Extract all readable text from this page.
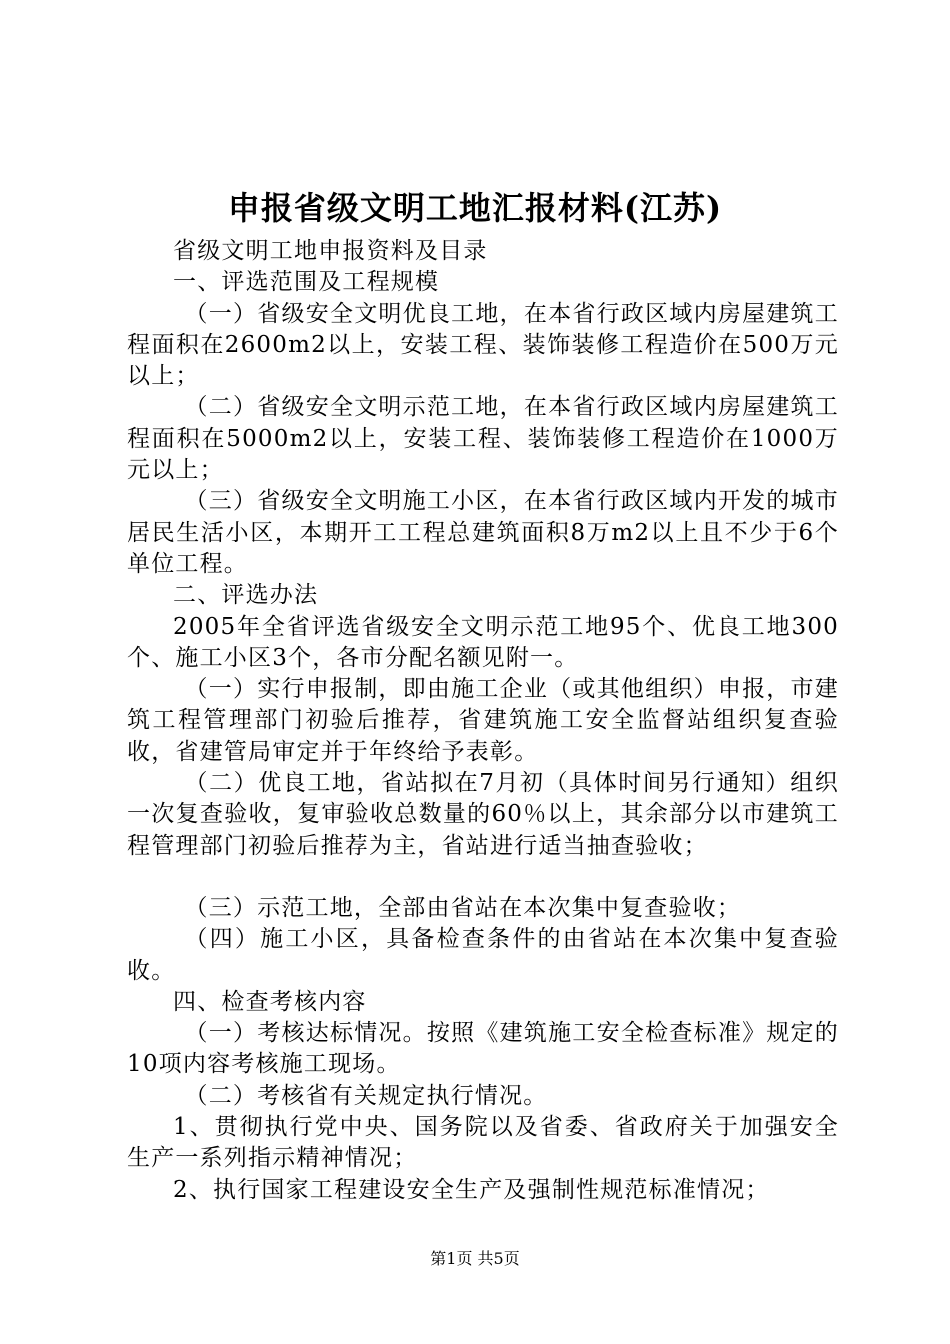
申报省级文明工地汇报材料(江苏)

省级文明工地申报资料及目录

一、评选范围及工程规模

（一）省级安全文明优良工地，在本省行政区域内房屋建筑工程面积在2600m2以上，安装工程、装饰装修工程造价在500万元以上；

（二）省级安全文明示范工地，在本省行政区域内房屋建筑工程面积在5000m2以上，安装工程、装饰装修工程造价在1000万元以上；

（三）省级安全文明施工小区，在本省行政区域内开发的城市居民生活小区，本期开工工程总建筑面积8万m2以上且不少于6个单位工程。

二、评选办法

2005年全省评选省级安全文明示范工地95个、优良工地300个、施工小区3个，各市分配名额见附一。

（一）实行申报制，即由施工企业（或其他组织）申报，市建筑工程管理部门初验后推荐，省建筑施工安全监督站组织复查验收，省建管局审定并于年终给予表彰。

（二）优良工地，省站拟在7月初（具体时间另行通知）组织一次复查验收，复审验收总数量的60％以上，其余部分以市建筑工程管理部门初验后推荐为主，省站进行适当抽查验收；

（三）示范工地，全部由省站在本次集中复查验收；

（四）施工小区，具备检查条件的由省站在本次集中复查验收。

四、检查考核内容

（一）考核达标情况。按照《建筑施工安全检查标准》规定的10项内容考核施工现场。

（二）考核省有关规定执行情况。

1、贯彻执行党中央、国务院以及省委、省政府关于加强安全生产一系列指示精神情况；

2、执行国家工程建设安全生产及强制性规范标准情况；

第1页 共5页
